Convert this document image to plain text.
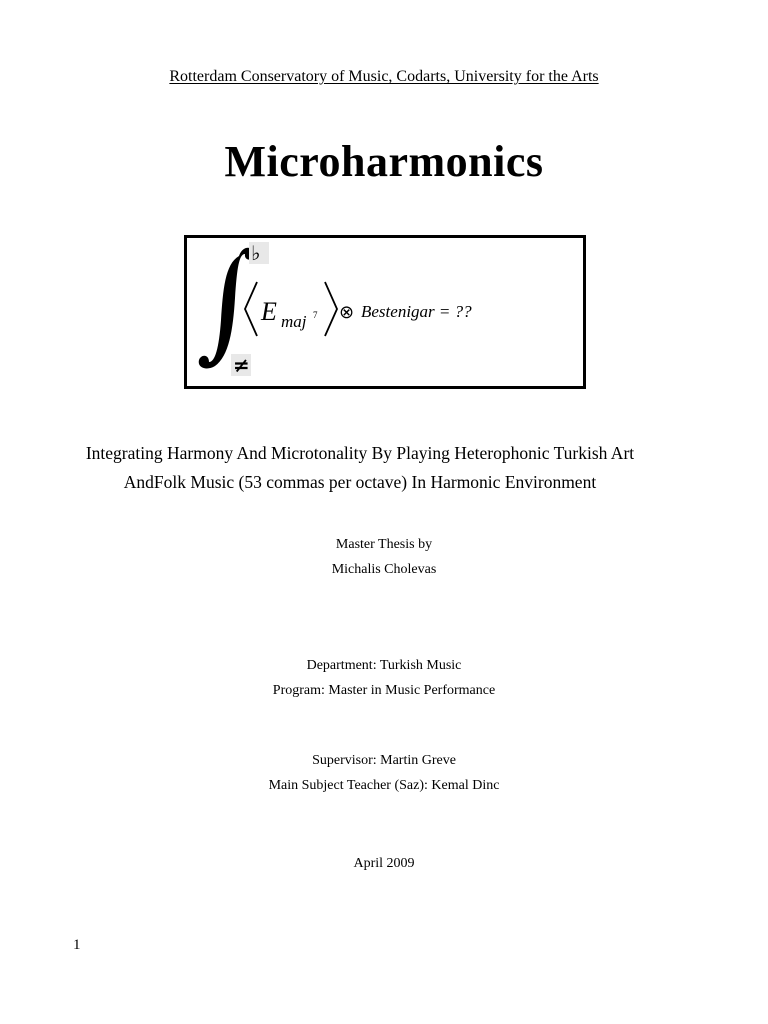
Rotterdam Conservatory of Music, Codarts, University for the Arts
Microharmonics
♭
≠
E maj 7 ⊗ Bestenigar = ??
Integrating Harmony And Microtonality By Playing Heterophonic Turkish Art
AndFolk Music (53 commas per octave) In Harmonic Environment
Master Thesis by
Michalis Cholevas
Department: Turkish Music
Program: Master in Music Performance
Supervisor: Martin Greve
Main Subject Teacher (Saz): Kemal Dinc
April 2009
1
